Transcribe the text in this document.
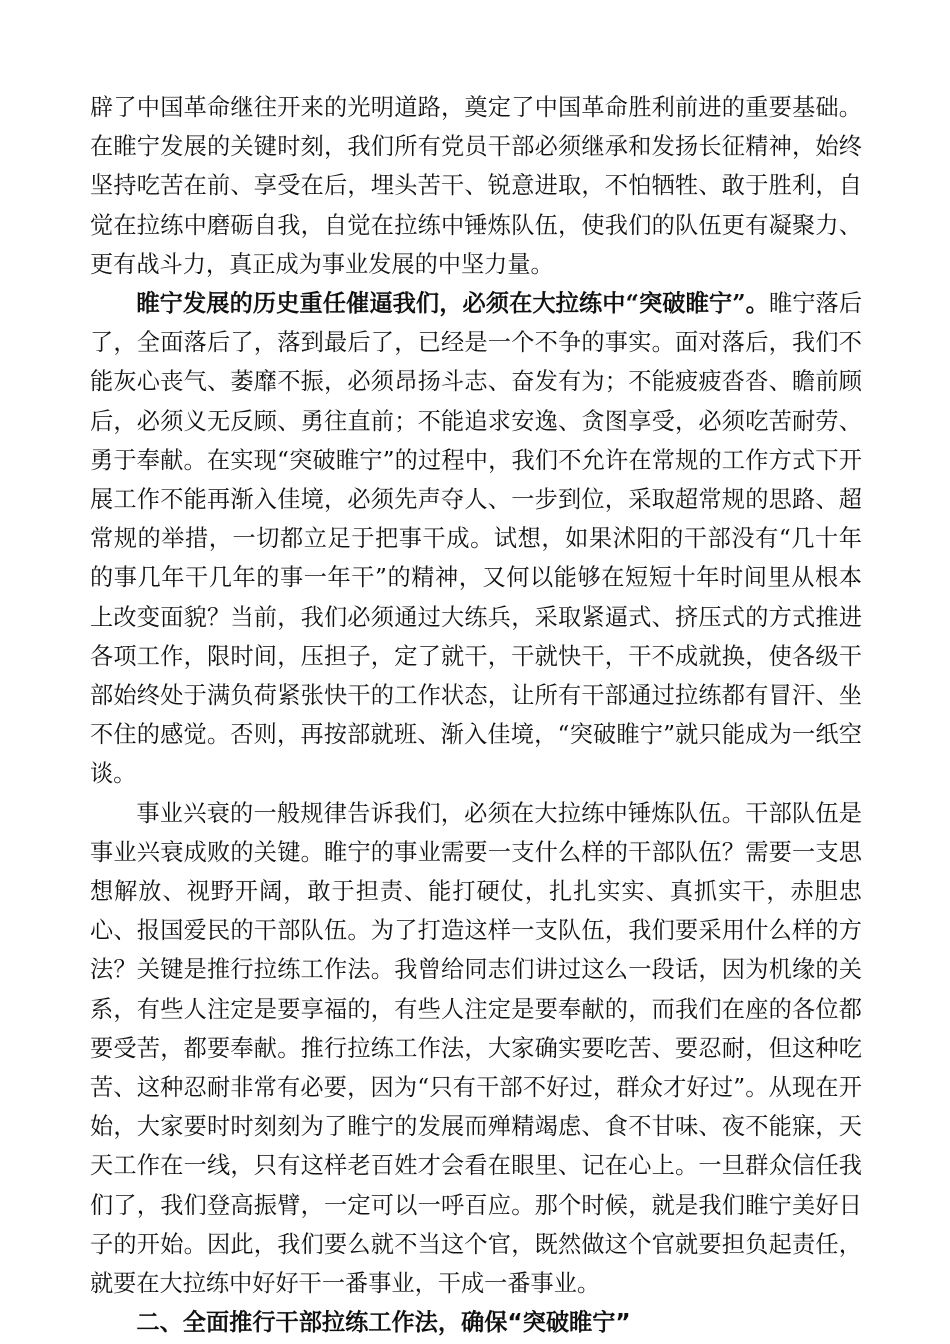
辟了中国革命继往开来的光明道路，奠定了中国革命胜利前进的重要基础。在睢宁发展的关键时刻，我们所有党员干部必须继承和发扬长征精神，始终坚持吃苦在前、享受在后，埋头苦干、锐意进取，不怕牺牲、敢于胜利，自觉在拉练中磨砺自我，自觉在拉练中锤炼队伍，使我们的队伍更有凝聚力、更有战斗力，真正成为事业发展的中坚力量。

睢宁发展的历史重任催逼我们，必须在大拉练中“突破睢宁”。睢宁落后了，全面落后了，落到最后了，已经是一个不争的事实。面对落后，我们不能灰心丧气、萎靡不振，必须昂扬斗志、奋发有为；不能疲疲沓沓、瞻前顾后，必须义无反顾、勇往直前；不能追求安逸、贪图享受，必须吃苦耐劳、勇于奉献。在实现“突破睢宁”的过程中，我们不允许在常规的工作方式下开展工作不能再渐入佳境，必须先声夺人、一步到位，采取超常规的思路、超常规的举措，一切都立足于把事干成。试想，如果沭阳的干部没有“几十年的事几年干几年的事一年干”的精神，又何以能够在短短十年时间里从根本上改变面貌？当前，我们必须通过大练兵，采取紧逼式、挤压式的方式推进各项工作，限时间，压担子，定了就干，干就快干，干不成就换，使各级干部始终处于满负荷紧张快干的工作状态，让所有干部通过拉练都有冒汗、坐不住的感觉。否则，再按部就班、渐入佳境，“突破睢宁”就只能成为一纸空谈。

事业兴衰的一般规律告诉我们，必须在大拉练中锤炼队伍。干部队伍是事业兴衰成败的关键。睢宁的事业需要一支什么样的干部队伍？需要一支思想解放、视野开阔，敢于担责、能打硬仗，扎扎实实、真抓实干，赤胆忠心、报国爱民的干部队伍。为了打造这样一支队伍，我们要采用什么样的方法？关键是推行拉练工作法。我曾给同志们讲过这么一段话，因为机缘的关系，有些人注定是要享福的，有些人注定是要奉献的，而我们在座的各位都要受苦，都要奉献。推行拉练工作法，大家确实要吃苦、要忍耐，但这种吃苦、这种忍耐非常有必要，因为“只有干部不好过，群众才好过”。从现在开始，大家要时时刻刻为了睢宁的发展而殚精竭虑、食不甘味、夜不能寐，天天工作在一线，只有这样老百姓才会看在眼里、记在心上。一旦群众信任我们了，我们登高振臂，一定可以一呼百应。那个时候，就是我们睢宁美好日子的开始。因此，我们要么就不当这个官，既然做这个官就要担负起责任，就要在大拉练中好好干一番事业，干成一番事业。

二、全面推行干部拉练工作法，确保“突破睢宁”
